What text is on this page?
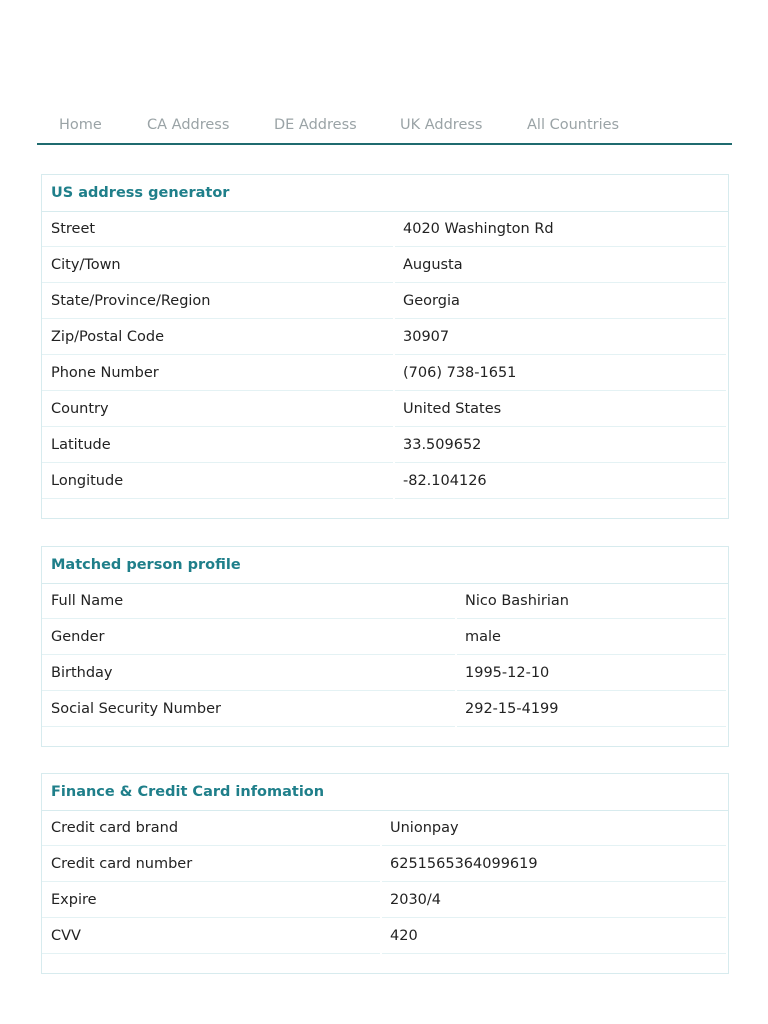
Home	CA Address	DE Address	UK Address	All Countries
US address generator
Street	4020 Washington Rd
City/Town	Augusta
State/Province/Region	Georgia
Zip/Postal Code	30907
Phone Number	(706) 738-1651
Country	United States
Latitude	33.509652
Longitude	-82.104126
Matched person profile
Full Name	Nico Bashirian
Gender	male
Birthday	1995-12-10
Social Security Number	292-15-4199
Finance & Credit Card infomation
Credit card brand	Unionpay
Credit card number	6251565364099619
Expire	2030/4
CVV	420
